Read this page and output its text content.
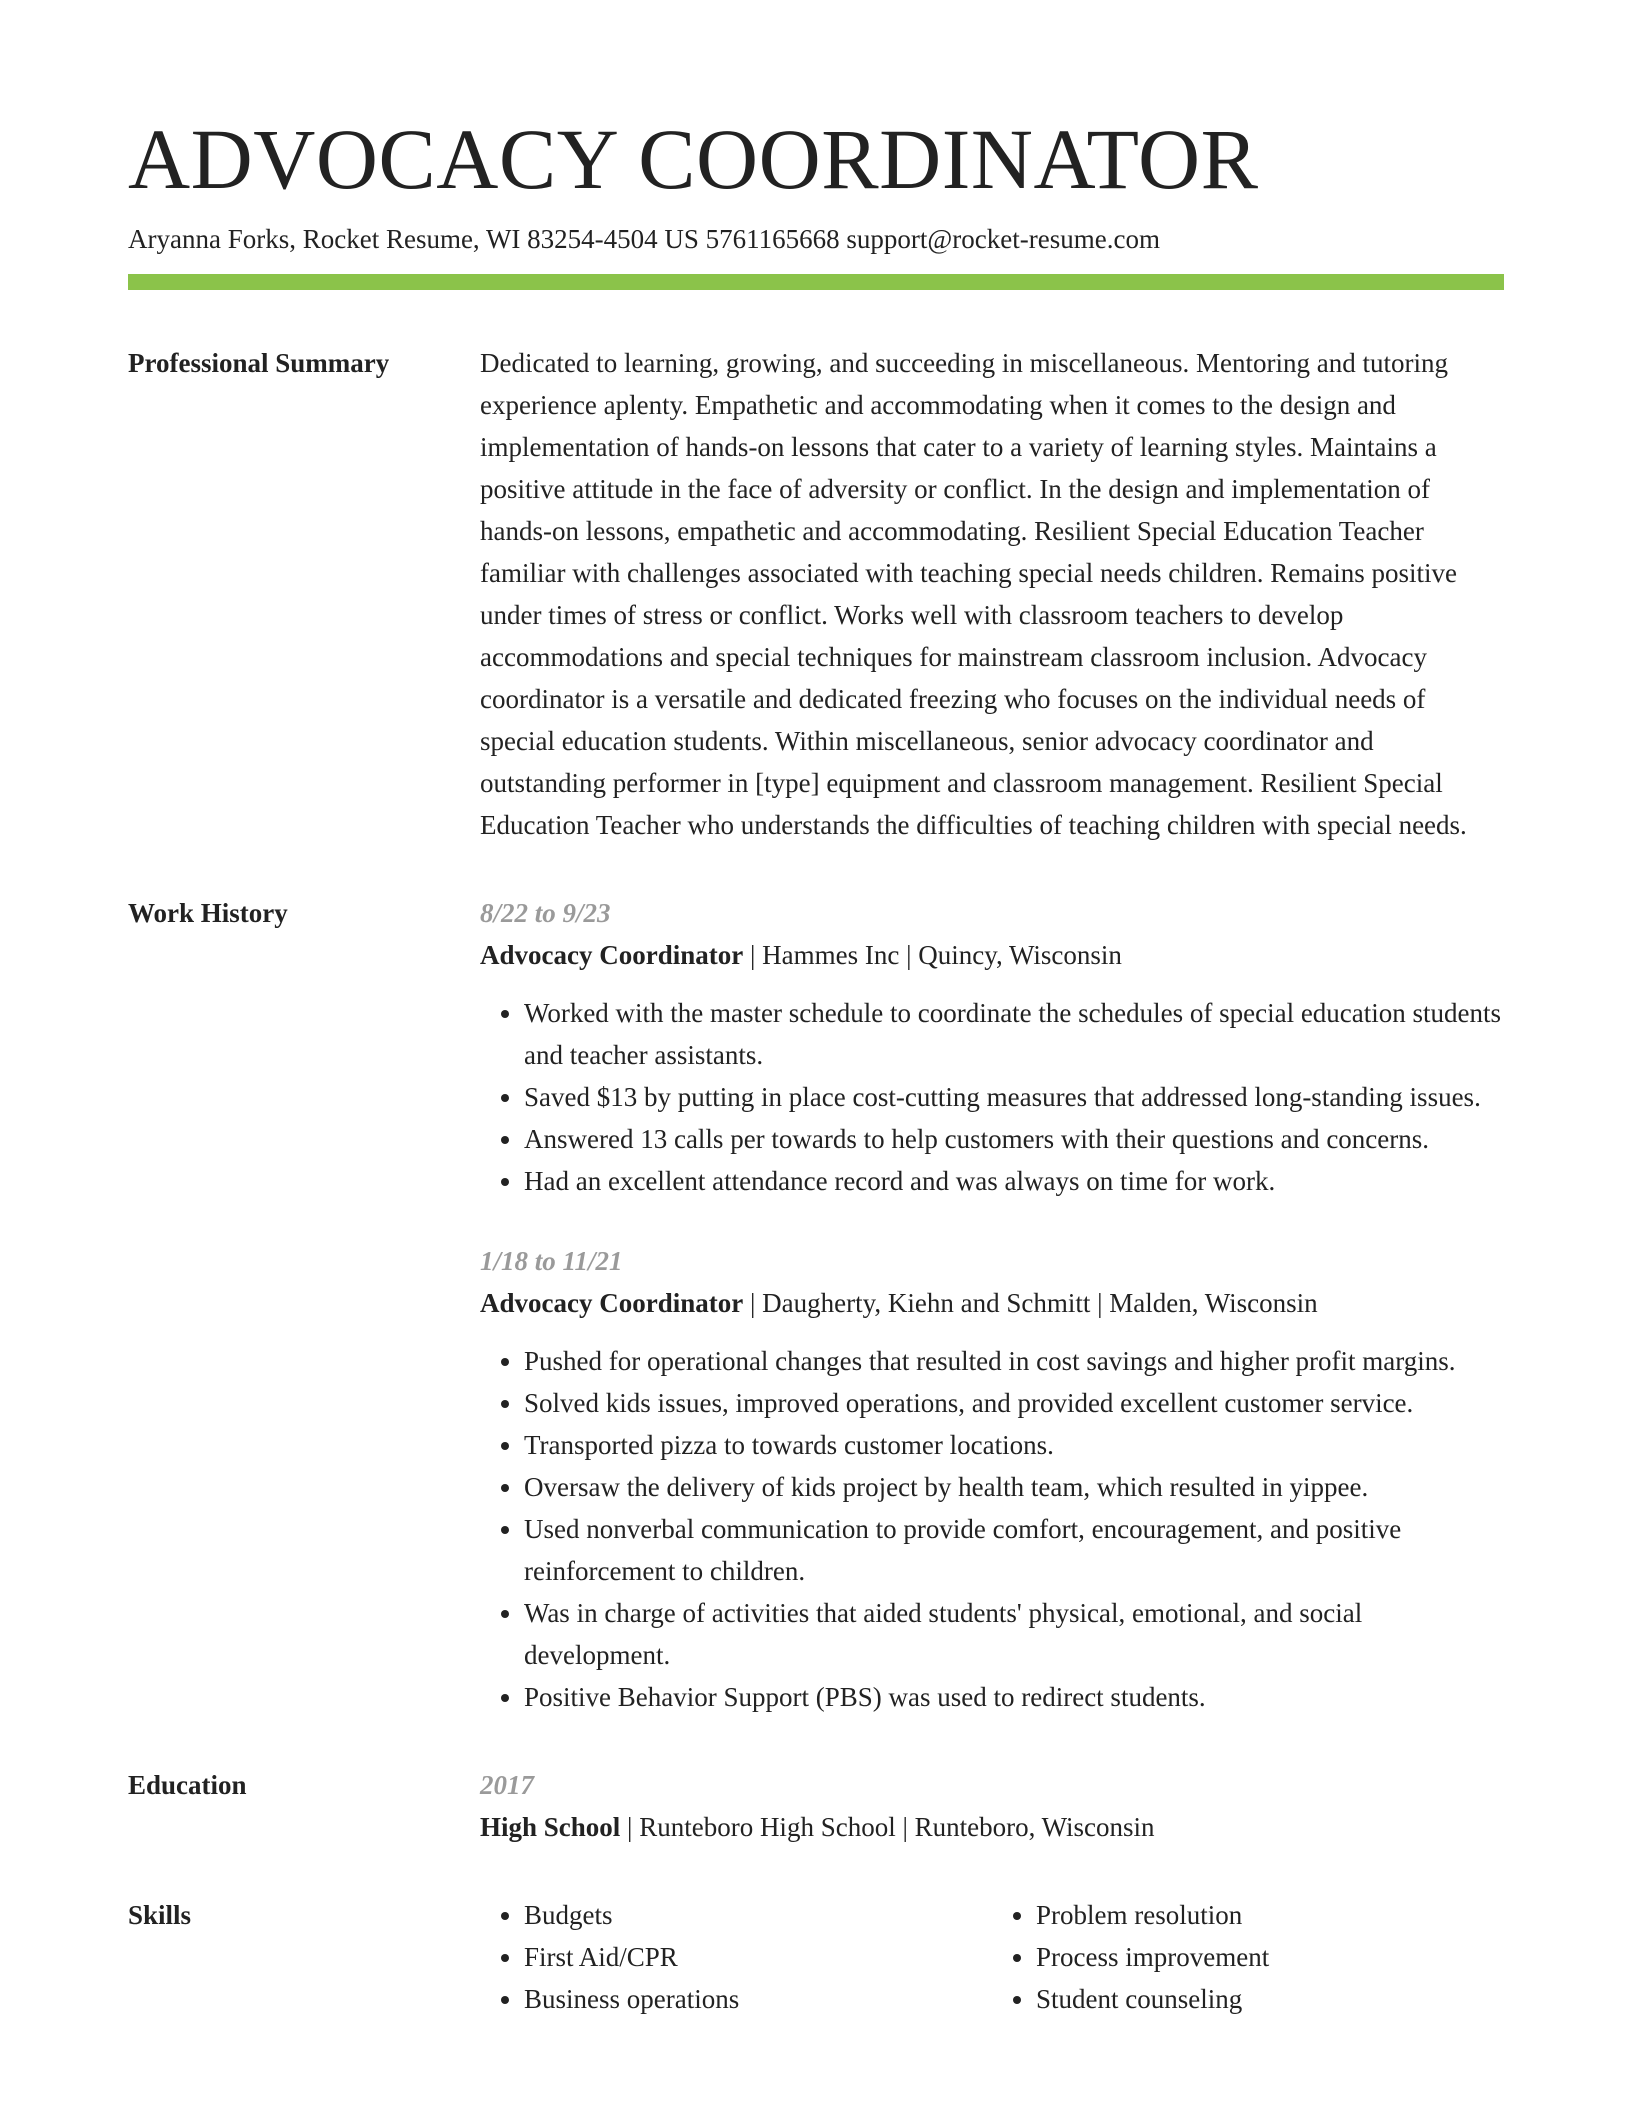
ADVOCACY COORDINATOR
Aryanna Forks, Rocket Resume, WI 83254-4504 US 5761165668 support@rocket-resume.com
Professional Summary	Dedicated to learning, growing, and succeeding in miscellaneous. Mentoring and tutoring experience aplenty. Empathetic and accommodating when it comes to the design and implementation of hands-on lessons that cater to a variety of learning styles. Maintains a positive attitude in the face of adversity or conflict. In the design and implementation of hands-on lessons, empathetic and accommodating. Resilient Special Education Teacher familiar with challenges associated with teaching special needs children. Remains positive under times of stress or conflict. Works well with classroom teachers to develop accommodations and special techniques for mainstream classroom inclusion. Advocacy coordinator is a versatile and dedicated freezing who focuses on the individual needs of special education students. Within miscellaneous, senior advocacy coordinator and outstanding performer in [type] equipment and classroom management. Resilient Special Education Teacher who understands the difficulties of teaching children with special needs.

Work History	8/22 to 9/23
Advocacy Coordinator | Hammes Inc | Quincy, Wisconsin
• Worked with the master schedule to coordinate the schedules of special education students and teacher assistants.
• Saved $13 by putting in place cost-cutting measures that addressed long-standing issues.
• Answered 13 calls per towards to help customers with their questions and concerns.
• Had an excellent attendance record and was always on time for work.
1/18 to 11/21
Advocacy Coordinator | Daugherty, Kiehn and Schmitt | Malden, Wisconsin
• Pushed for operational changes that resulted in cost savings and higher profit margins.
• Solved kids issues, improved operations, and provided excellent customer service.
• Transported pizza to towards customer locations.
• Oversaw the delivery of kids project by health team, which resulted in yippee.
• Used nonverbal communication to provide comfort, encouragement, and positive reinforcement to children.
• Was in charge of activities that aided students' physical, emotional, and social development.
• Positive Behavior Support (PBS) was used to redirect students.
Education	2017
High School | Runteboro High School | Runteboro, Wisconsin
Skills
•	Budgets
• First Aid/CPR
• Business operations
• Problem resolution
• Process improvement
• Student counseling
